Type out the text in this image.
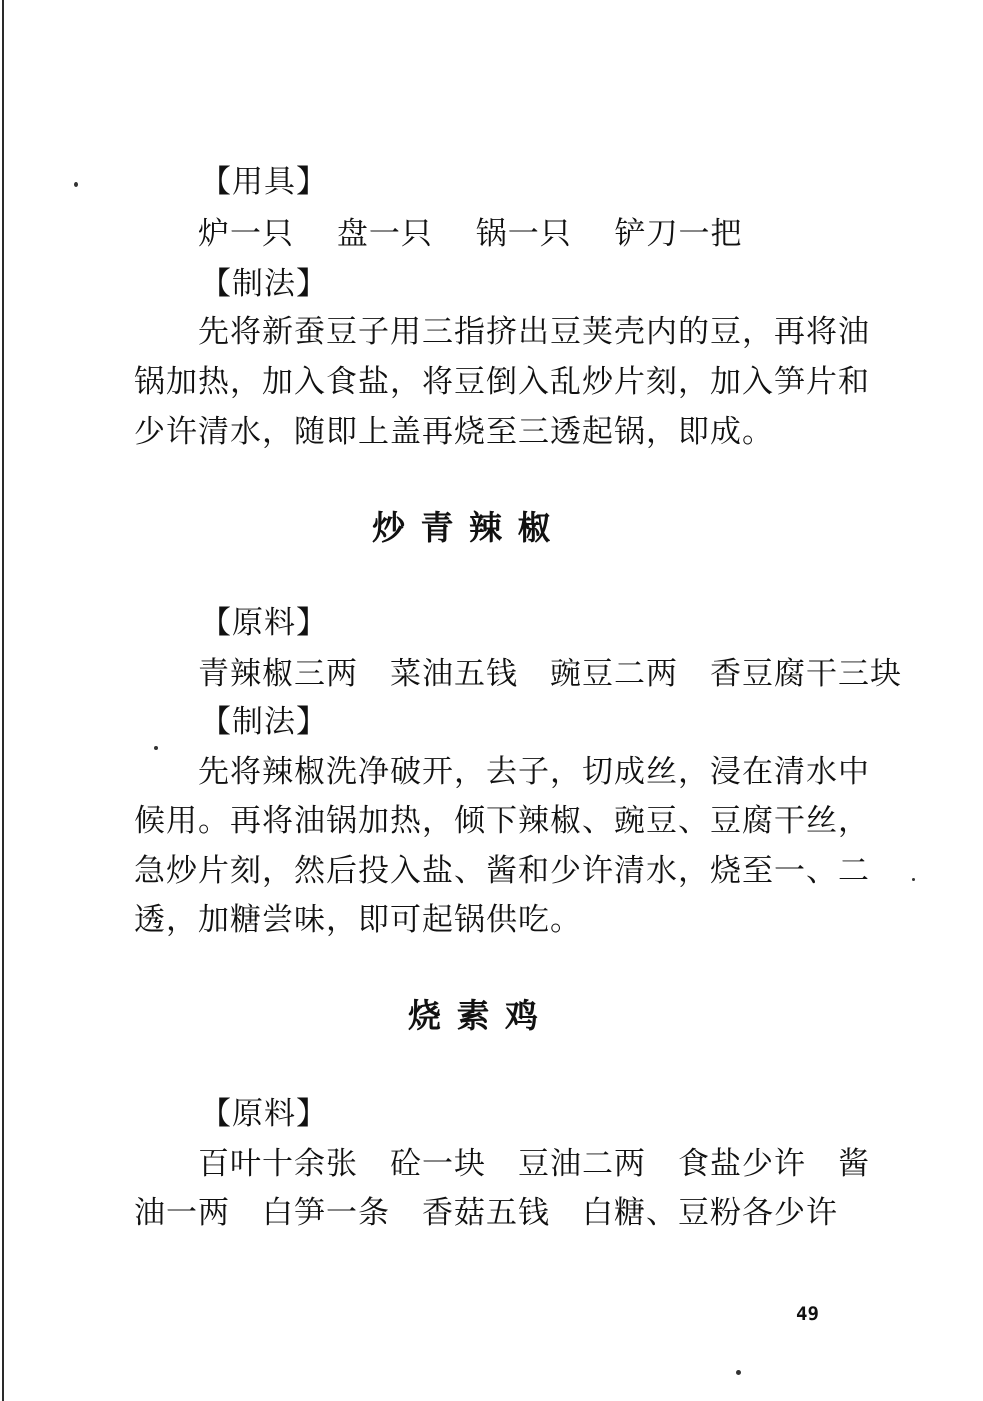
【用具】
炉一只　 盘一只　 锅一只　 铲刀一把
【制法】
先将新蚕豆子用三指挤出豆荚壳内的豆，再将油
锅加热，加入食盐，将豆倒入乱炒片刻，加入笋片和
少许清水，随即上盖再烧至三透起锅，即成。
炒 青 辣 椒
【原料】
青辣椒三两　菜油五钱　豌豆二两　香豆腐干三块
【制法】
先将辣椒洗净破开，去子，切成丝，浸在清水中
候用。再将油锅加热，倾下辣椒、豌豆、豆腐干丝，
急炒片刻，然后投入盐、酱和少许清水，烧至一、二
透，加糖尝味，即可起锅供吃。
烧 素 鸡
【原料】
百叶十余张　砼一块　豆油二两　食盐少许　酱
油一两　白笋一条　香菇五钱　白糖、豆粉各少许
49
